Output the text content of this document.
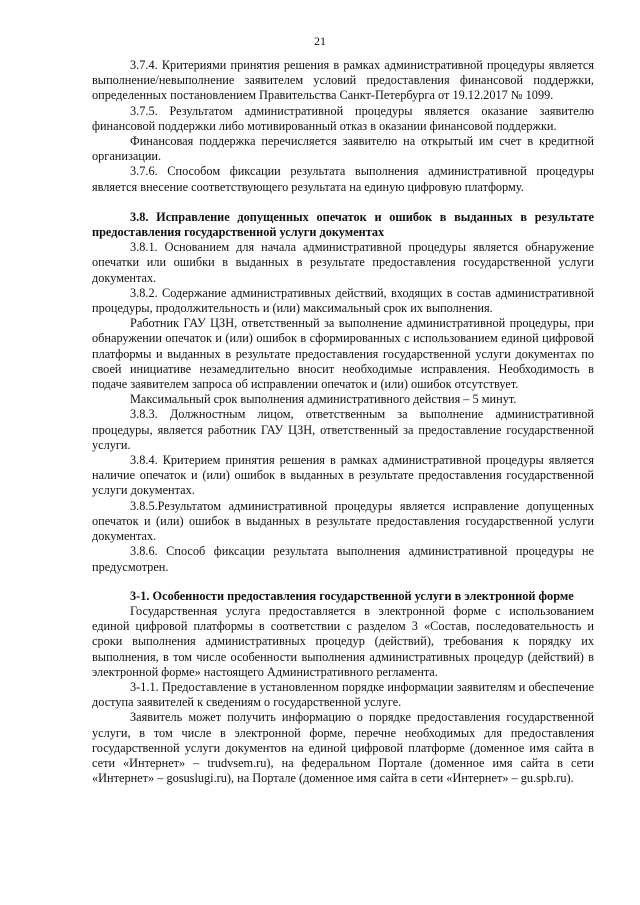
21

3.7.4. Критериями принятия решения в рамках административной процедуры является выполнение/невыполнение заявителем условий предоставления финансовой поддержки, определенных постановлением Правительства Санкт-Петербурга от 19.12.2017 № 1099.

3.7.5. Результатом административной процедуры является оказание заявителю финансовой поддержки либо мотивированный отказ в оказании финансовой поддержки.

Финансовая поддержка перечисляется заявителю на открытый им счет в кредитной организации.

3.7.6. Способом фиксации результата выполнения административной процедуры является внесение соответствующего результата на единую цифровую платформу.

3.8. Исправление допущенных опечаток и ошибок в выданных в результате предоставления государственной услуги документах

3.8.1. Основанием для начала административной процедуры является обнаружение опечатки или ошибки в выданных в результате предоставления государственной услуги документах.

3.8.2. Содержание административных действий, входящих в состав административной процедуры, продолжительность и (или) максимальный срок их выполнения.

Работник ГАУ ЦЗН, ответственный за выполнение административной процедуры, при обнаружении опечаток и (или) ошибок в сформированных с использованием единой цифровой платформы и выданных в результате предоставления государственной услуги документах по своей инициативе незамедлительно вносит необходимые исправления. Необходимость в подаче заявителем запроса об исправлении опечаток и (или) ошибок отсутствует.

Максимальный срок выполнения административного действия – 5 минут.

3.8.3. Должностным лицом, ответственным за выполнение административной процедуры, является работник ГАУ ЦЗН, ответственный за предоставление государственной услуги.

3.8.4. Критерием принятия решения в рамках административной процедуры является наличие опечаток и (или) ошибок в выданных в результате предоставления государственной услуги документах.

3.8.5.Результатом административной процедуры является исправление допущенных опечаток и (или) ошибок в выданных в результате предоставления государственной услуги документах.

3.8.6. Способ фиксации результата выполнения административной процедуры не предусмотрен.

3-1. Особенности предоставления государственной услуги в электронной форме

Государственная услуга предоставляется в электронной форме с использованием единой цифровой платформы в соответствии с разделом 3 «Состав, последовательность и сроки выполнения административных процедур (действий), требования к порядку их выполнения, в том числе особенности выполнения административных процедур (действий) в электронной форме» настоящего Административного регламента.

3-1.1. Предоставление в установленном порядке информации заявителям и обеспечение доступа заявителей к сведениям о государственной услуге.

Заявитель может получить информацию о порядке предоставления государственной услуги, в том числе в электронной форме, перечне необходимых для предоставления государственной услуги документов на единой цифровой платформе (доменное имя сайта в сети «Интернет» – trudvsem.ru), на федеральном Портале (доменное имя сайта в сети «Интернет» – gosuslugi.ru), на Портале (доменное имя сайта в сети «Интернет» – gu.spb.ru).
